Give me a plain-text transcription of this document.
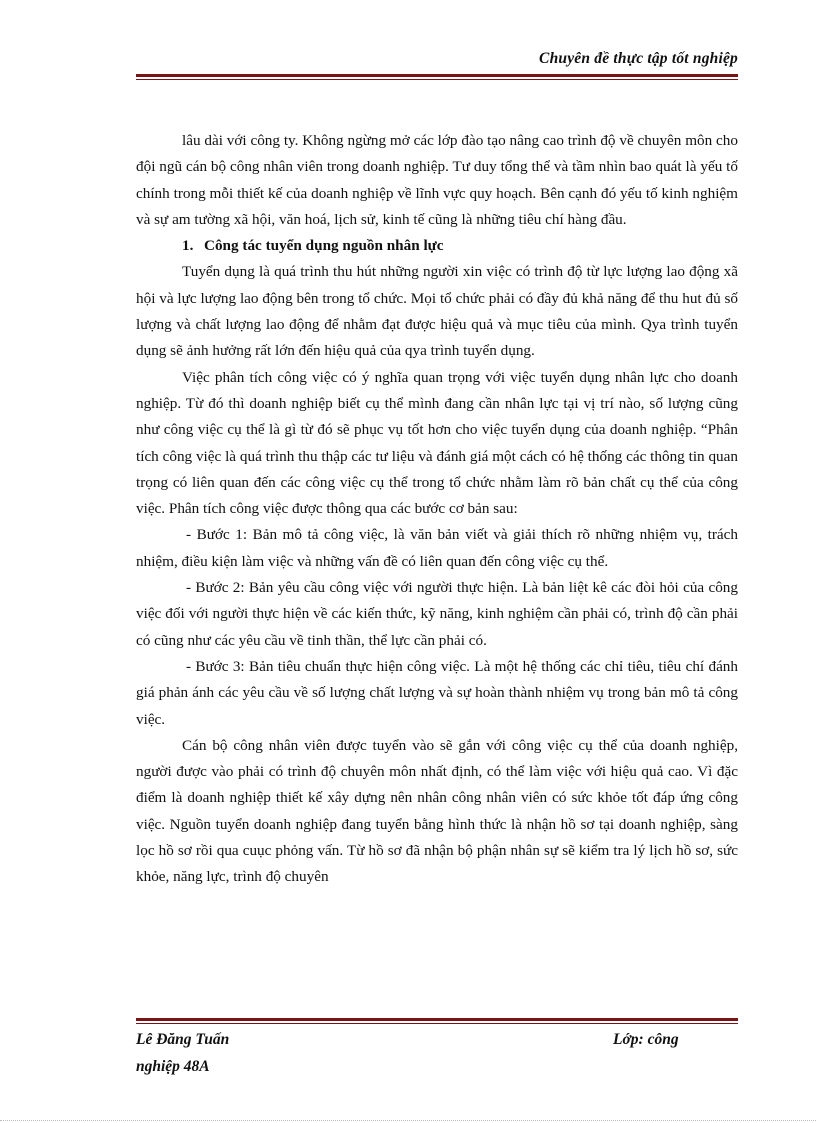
Chuyên đề thực tập tốt nghiệp

lâu dài với công ty. Không ngừng mở các lớp đào tạo nâng cao trình độ về chuyên môn cho đội ngũ cán bộ công nhân viên trong doanh nghiệp. Tư duy tổng thể và tầm nhìn bao quát là yếu tố chính trong mỗi thiết kế của doanh nghiệp về lĩnh vực quy hoạch. Bên cạnh đó yếu tố kinh nghiệm và sự am tường xã hội, văn hoá, lịch sử, kinh tế cũng là những tiêu chí hàng đầu.

1. Công tác tuyển dụng nguồn nhân lực

Tuyển dụng là quá trình thu hút những người xin việc có trình độ từ lực lượng lao động xã hội và lực lượng lao động bên trong tổ chức. Mọi tổ chức phải có đầy đủ khả năng để thu hut đủ số lượng và chất lượng lao động để nhằm đạt được hiệu quả và mục tiêu của mình. Qya trình tuyển dụng sẽ ảnh hưởng rất lớn đến hiệu quả của qya trình tuyển dụng.

Việc phân tích công việc có ý nghĩa quan trọng với việc tuyển dụng nhân lực cho doanh nghiệp. Từ đó thì doanh nghiệp biết cụ thể mình đang cần nhân lực tại vị trí nào, số lượng cũng như công việc cụ thể là gì từ đó sẽ phục vụ tốt hơn cho việc tuyển dụng của doanh nghiệp. “Phân tích công việc là quá trình thu thập các tư liệu và đánh giá một cách có hệ thống các thông tin quan trọng có liên quan đến các công việc cụ thể trong tổ chức nhằm làm rõ bản chất cụ thể của công việc. Phân tích công việc được thông qua các bước cơ bản sau:

- Bước 1: Bản mô tả công việc, là văn bản viết và giải thích rõ những nhiệm vụ, trách nhiệm, điều kiện làm việc và những vấn đề có liên quan đến công việc cụ thể.

- Bước 2: Bản yêu cầu công việc với người thực hiện. Là bản liệt kê các đòi hỏi của công việc đối với người thực hiện về các kiến thức, kỹ năng, kinh nghiệm cần phải có, trình độ cần phải có cũng như các yêu cầu về tinh thần, thể lực cần phải có.

- Bước 3: Bản tiêu chuẩn thực hiện công việc. Là một hệ thống các chỉ tiêu, tiêu chí đánh giá phản ánh các yêu cầu về số lượng chất lượng và sự hoàn thành nhiệm vụ trong bản mô tả công việc.

Cán bộ công nhân viên được tuyển vào sẽ gắn với công việc cụ thể của doanh nghiệp, người được vào phải có trình độ chuyên môn nhất định, có thể làm việc với hiệu quả cao. Vì đặc điểm là doanh nghiệp thiết kế xây dựng nên nhân công nhân viên có sức khỏe tốt đáp ứng công việc. Nguồn tuyển doanh nghiệp đang tuyển bằng hình thức là nhận hồ sơ tại doanh nghiệp, sàng lọc hồ sơ rồi qua cuục phỏng vấn. Từ hồ sơ đã nhận bộ phận nhân sự sẽ kiểm tra lý lịch hồ sơ, sức khỏe, năng lực, trình độ chuyên

Lê Đăng Tuấn	Lớp: công
nghiệp 48A
